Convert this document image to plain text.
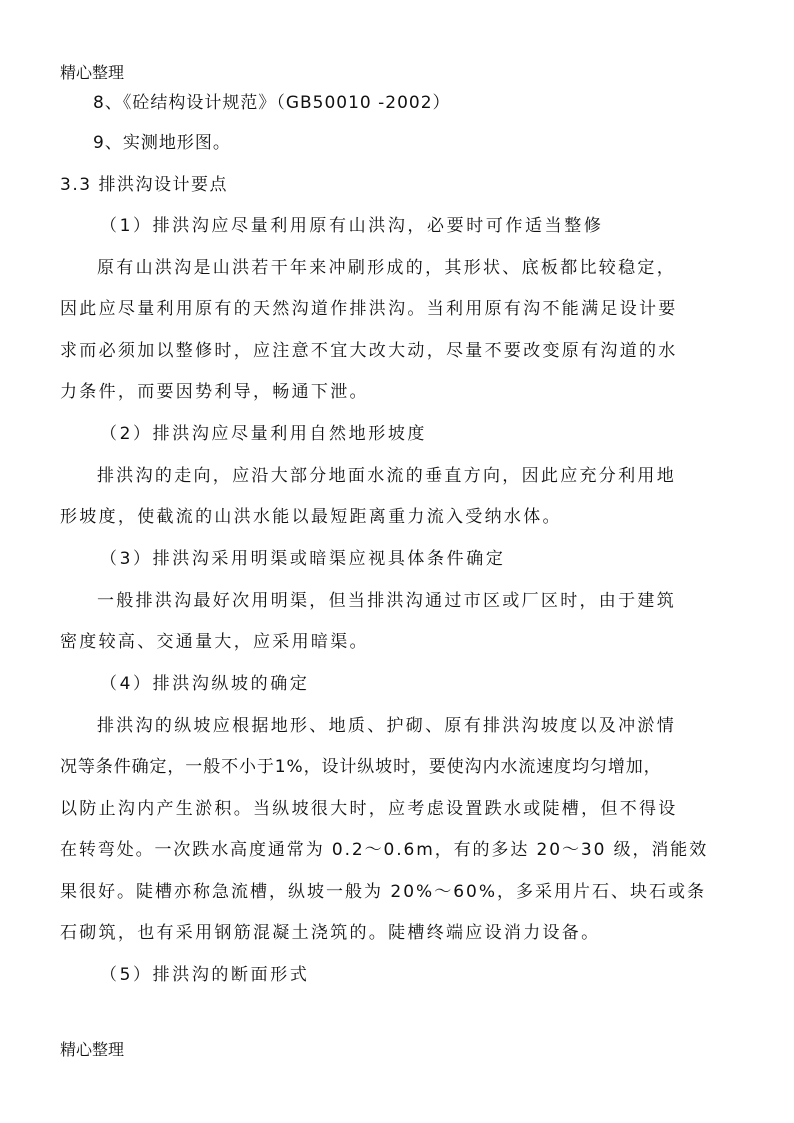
精心整理
8、《砼结构设计规范》（GB50010 -2002）
9、实测地形图。
3.3 排洪沟设计要点
（1）排洪沟应尽量利用原有山洪沟，必要时可作适当整修
原有山洪沟是山洪若干年来冲刷形成的，其形状、底板都比较稳定，
因此应尽量利用原有的天然沟道作排洪沟。当利用原有沟不能满足设计要
求而必须加以整修时，应注意不宜大改大动，尽量不要改变原有沟道的水
力条件，而要因势利导，畅通下泄。
（2）排洪沟应尽量利用自然地形坡度
排洪沟的走向，应沿大部分地面水流的垂直方向，因此应充分利用地
形坡度，使截流的山洪水能以最短距离重力流入受纳水体。
（3）排洪沟采用明渠或暗渠应视具体条件确定
一般排洪沟最好次用明渠，但当排洪沟通过市区或厂区时，由于建筑
密度较高、交通量大，应采用暗渠。
（4）排洪沟纵坡的确定
排洪沟的纵坡应根据地形、地质、护砌、原有排洪沟坡度以及冲淤情
况等条件确定，一般不小于1%，设计纵坡时，要使沟内水流速度均匀增加，
以防止沟内产生淤积。当纵坡很大时，应考虑设置跌水或陡槽，但不得设
在转弯处。一次跌水高度通常为 0.2～0.6m，有的多达 20～30 级，消能效
果很好。陡槽亦称急流槽，纵坡一般为 20%～60%，多采用片石、块石或条
石砌筑，也有采用钢筋混凝土浇筑的。陡槽终端应设消力设备。
（5）排洪沟的断面形式
精心整理
